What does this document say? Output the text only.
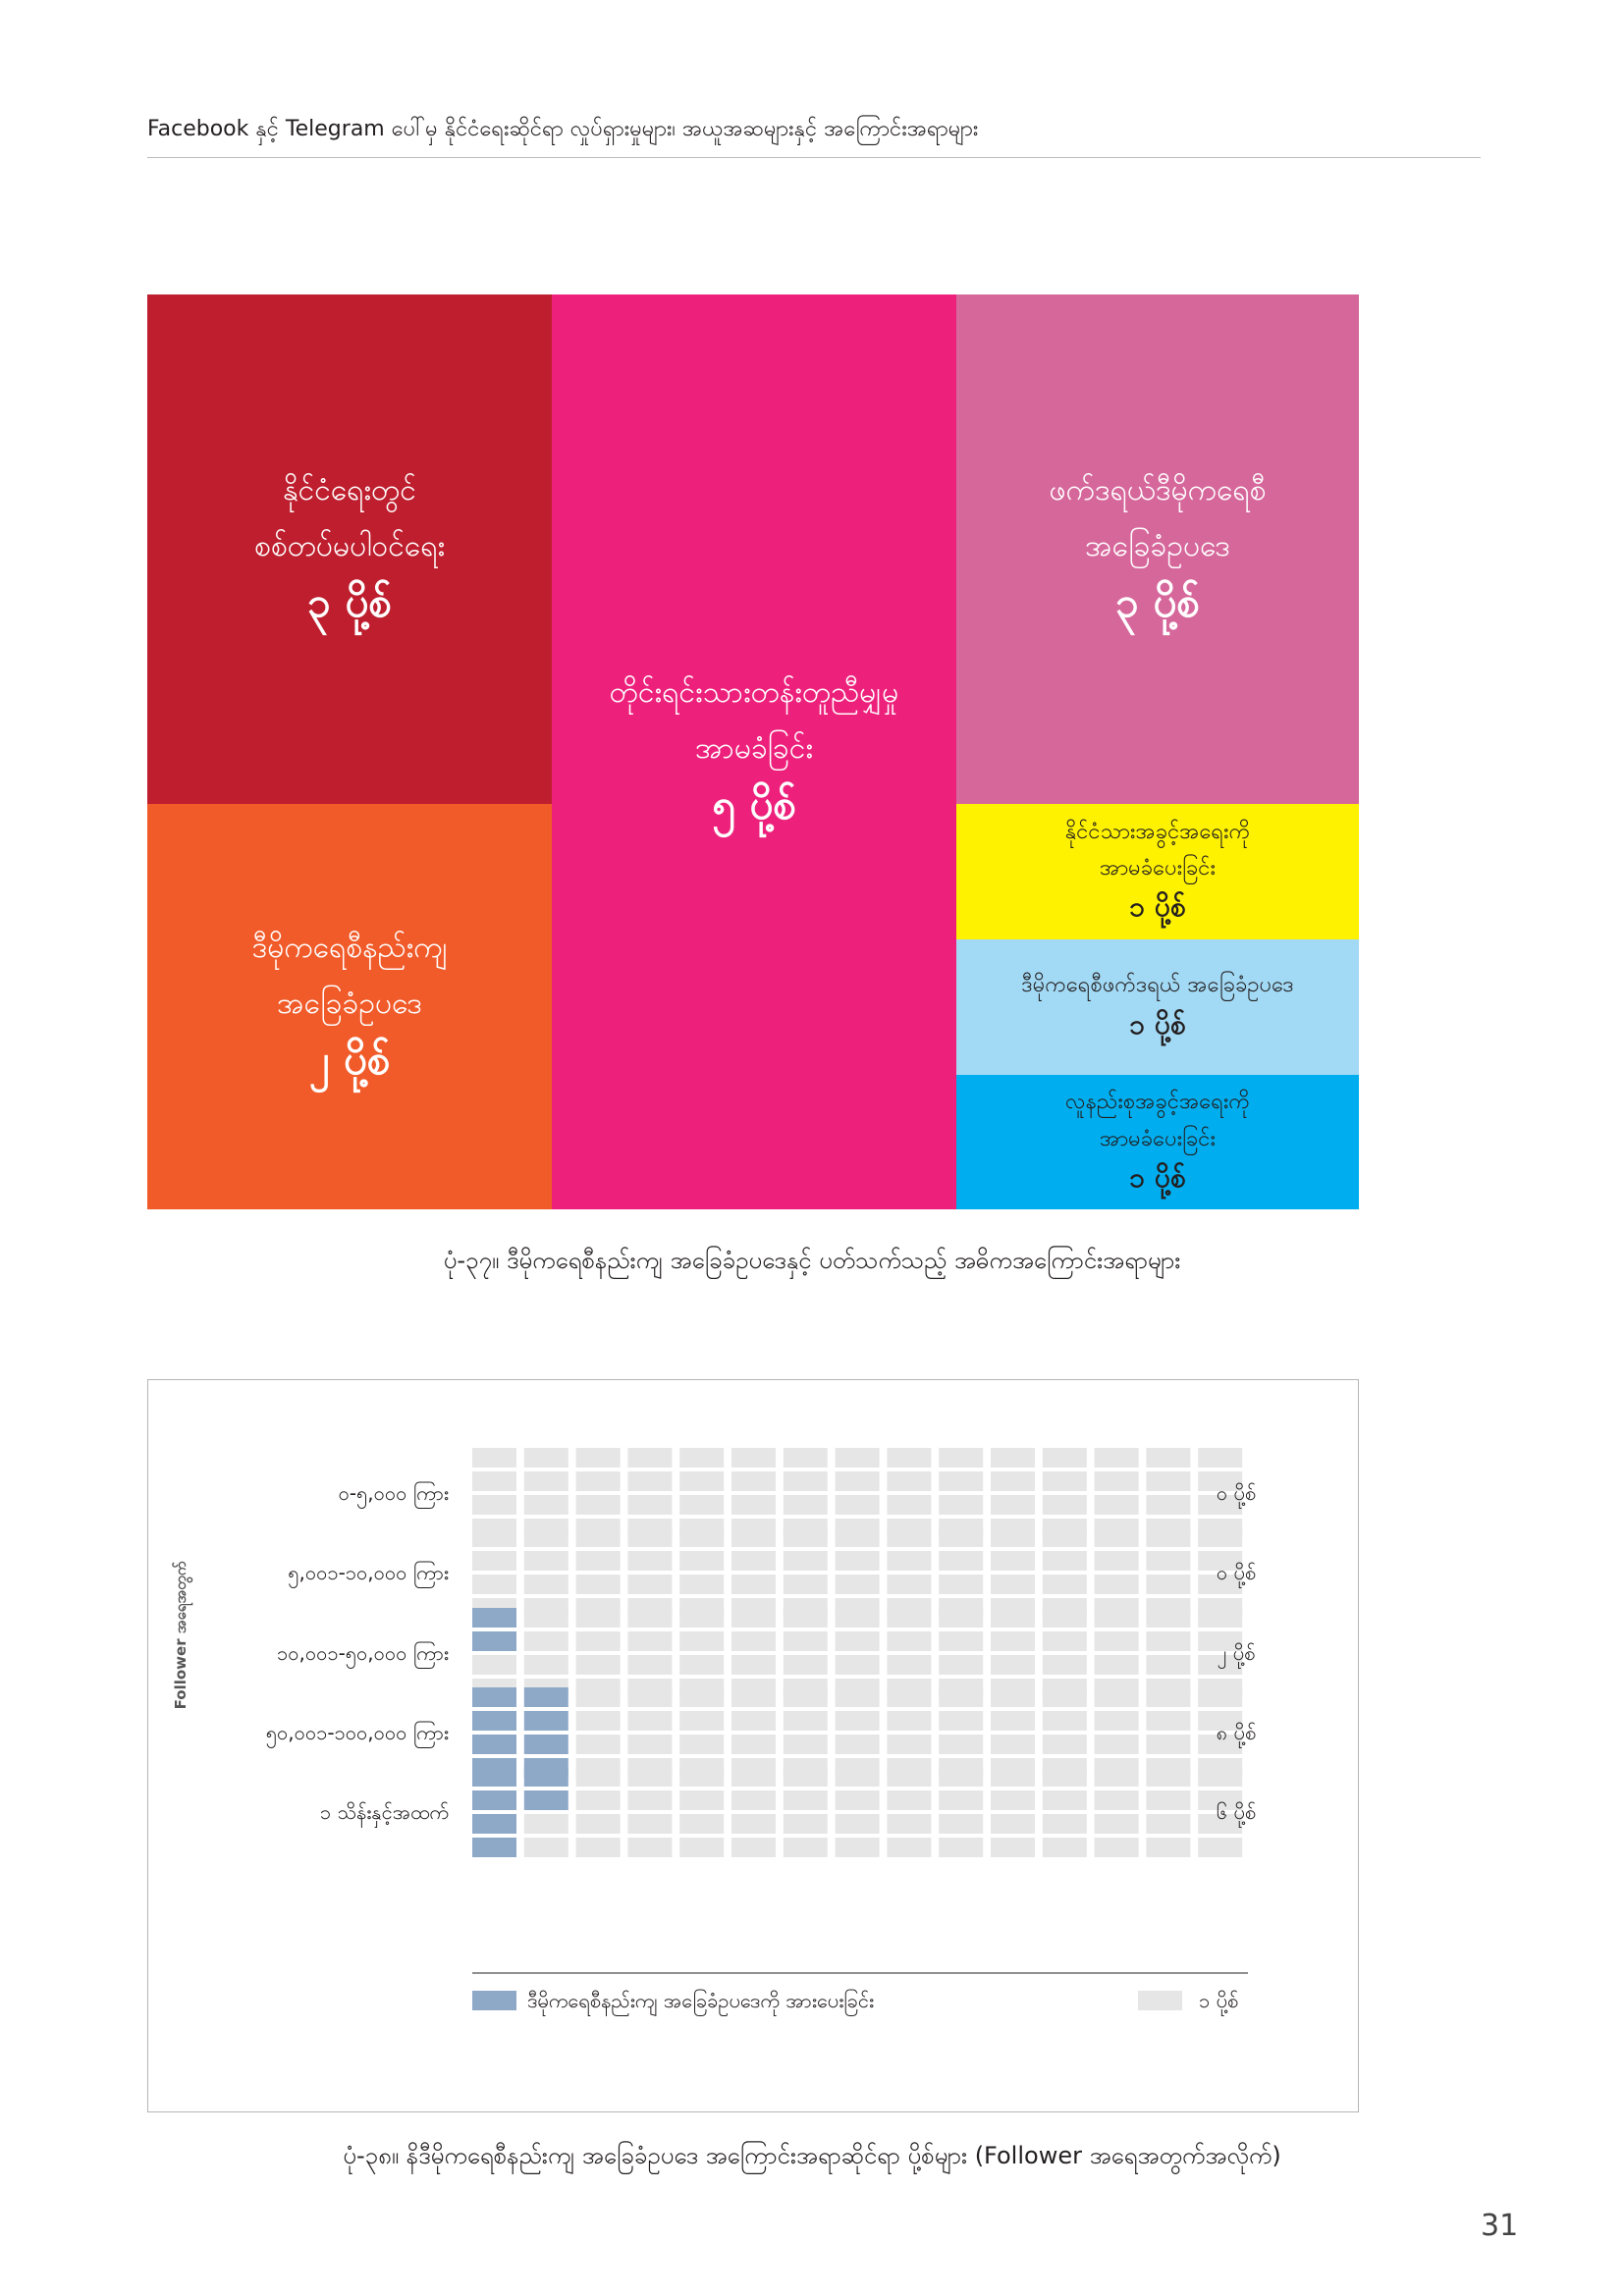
Facebook နှင့် Telegram ပေါ်မှ နိုင်ငံရေးဆိုင်ရာ လှုပ်ရှားမှုများ၊ အယူအဆများနှင့် အကြောင်းအရာများ
နိုင်ငံရေးတွင်
စစ်တပ်မပါဝင်ရေး
၃ ပို့စ်
တိုင်းရင်းသားတန်းတူညီမျှမှု
အာမခံခြင်း
၅ ပို့စ်
ဖက်ဒရယ်ဒီမိုကရေစီ
အခြေခံဥပဒေ
၃ ပို့စ်
ဒီမိုကရေစီနည်းကျ
အခြေခံဥပဒေ
၂ ပို့စ်
နိုင်ငံသားအခွင့်အရေးကို
အာမခံပေးခြင်း
၁ ပို့စ်
ဒီမိုကရေစီဖက်ဒရယ် အခြေခံဥပဒေ
၁ ပို့စ်
လူနည်းစုအခွင့်အရေးကို
အာမခံပေးခြင်း
၁ ပို့စ်
ပုံ-၃၇။ ဒီမိုကရေစီနည်းကျ အခြေခံဥပဒေနှင့် ပတ်သက်သည့် အဓိကအကြောင်းအရာများ
၀-၅,၀၀၀ ကြား	၀ ပို့စ်
၅,၀၀၁-၁၀,၀၀၀ ကြား	၀ ပို့စ်
၁၀,၀၀၁-၅၀,၀၀၀ ကြား	၂ ပို့စ်
၅၀,၀၀၁-၁၀၀,၀၀၀ ကြား	၈ ပို့စ်
၁ သိန်းနှင့်အထက်	၆ ပို့စ်
Follower အရေအတွက်
ဒီမိုကရေစီနည်းကျ အခြေခံဥပဒေကို အားပေးခြင်း	၁ ပို့စ်
ပုံ-၃၈။ နိဒီမိုကရေစီနည်းကျ အခြေခံဥပဒေ အကြောင်းအရာဆိုင်ရာ ပို့စ်များ (Follower အရေအတွက်အလိုက်)
31
